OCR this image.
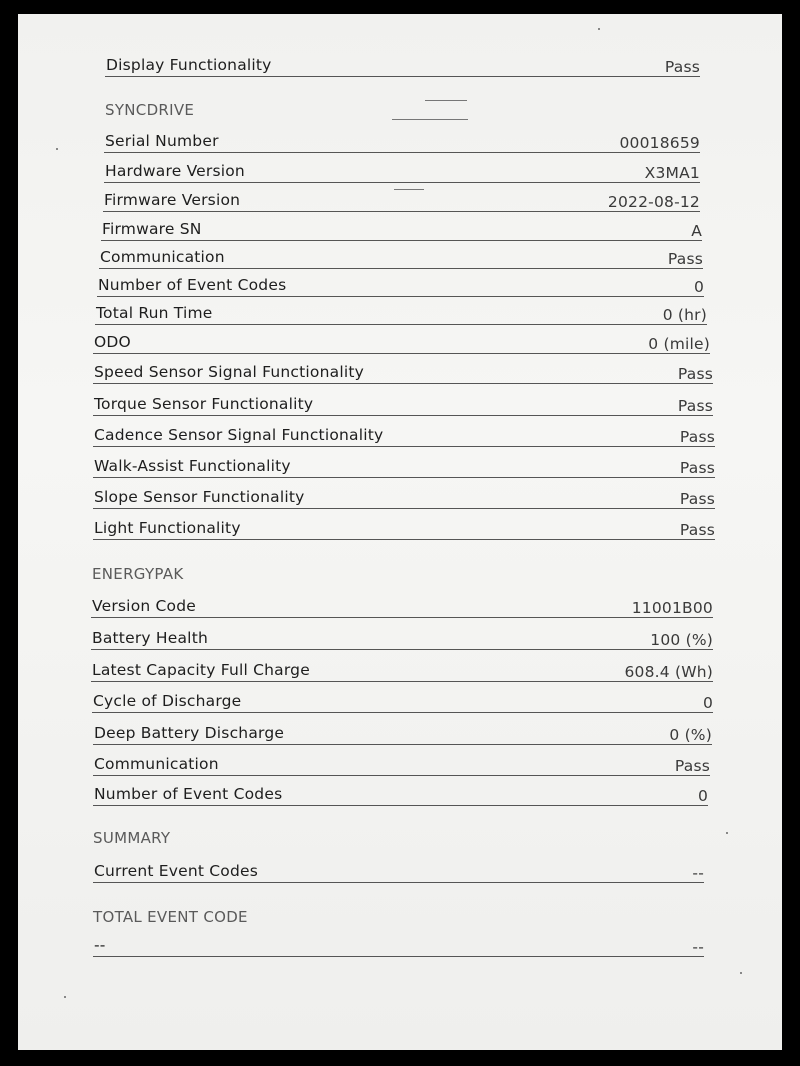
Display Functionality	Pass
SYNCDRIVE
Serial Number	00018659
Hardware Version	X3MA1
Firmware Version	2022-08-12
Firmware SN	A
Communication	Pass
Number of Event Codes	0
Total Run Time	0 (hr)
ODO	0 (mile)
Speed Sensor Signal Functionality	Pass
Torque Sensor Functionality	Pass
Cadence Sensor Signal Functionality	Pass
Walk-Assist Functionality	Pass
Slope Sensor Functionality	Pass
Light Functionality	Pass
ENERGYPAK
Version Code	11001B00
Battery Health	100 (%)
Latest Capacity Full Charge	608.4 (Wh)
Cycle of Discharge	0
Deep Battery Discharge	0 (%)
Communication	Pass
Number of Event Codes	0
SUMMARY
Current Event Codes	--
TOTAL EVENT CODE
--	--
